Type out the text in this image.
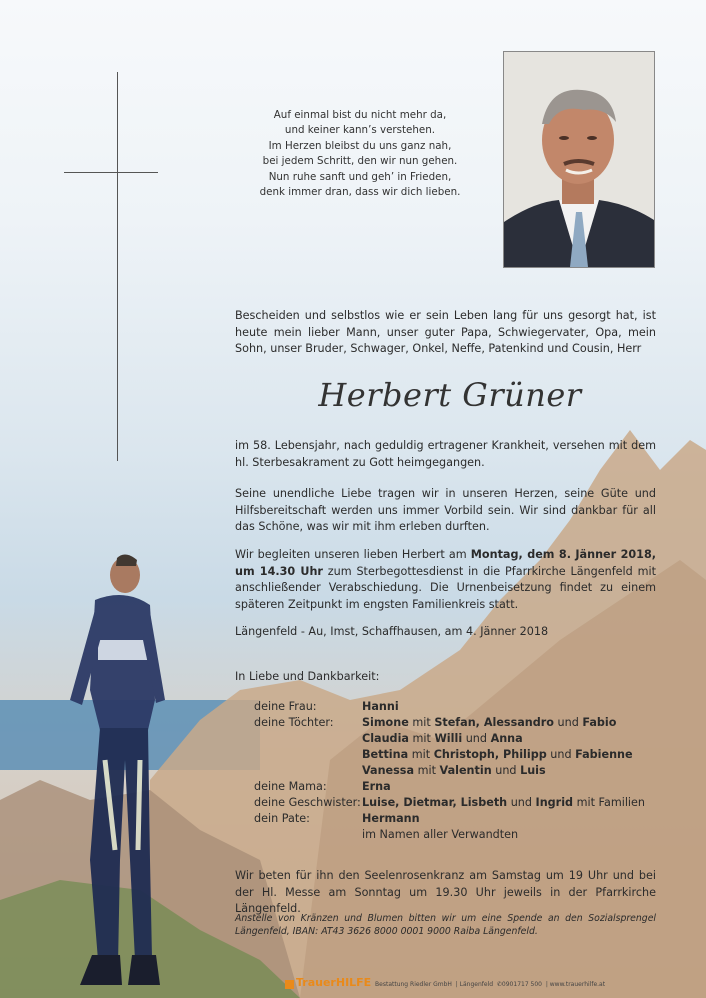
Auf einmal bist du nicht mehr da,
und keiner kann’s verstehen.
Im Herzen bleibst du uns ganz nah,
bei jedem Schritt, den wir nun gehen.
Nun ruhe sanft und geh’ in Frieden,
denk immer dran, dass wir dich lieben.
Bescheiden und selbstlos wie er sein Leben lang für uns gesorgt hat, ist heute mein lieber Mann, unser guter Papa, Schwiegervater, Opa, mein Sohn, unser Bruder, Schwager, Onkel, Neffe, Patenkind und Cousin, Herr
Herbert Grüner
im 58. Lebensjahr, nach geduldig ertragener Krankheit, versehen mit dem hl. Sterbesakrament zu Gott heimgegangen.
Seine unendliche Liebe tragen wir in unseren Herzen, seine Güte und Hilfsbereitschaft werden uns immer Vorbild sein. Wir sind dankbar für all das Schöne, was wir mit ihm erleben durften.
Wir begleiten unseren lieben Herbert am Montag, dem 8. Jänner 2018, um 14.30 Uhr zum Sterbegottesdienst in die Pfarrkirche Längenfeld mit anschließender Verabschiedung. Die Urnenbeisetzung findet zu einem späteren Zeitpunkt im engsten Familienkreis statt.
Längenfeld - Au, Imst, Schaffhausen, am 4. Jänner 2018
In Liebe und Dankbarkeit:
deine Frau:	Hanni
deine Töchter:	Simone mit Stefan, Alessandro und Fabio
Claudia mit Willi und Anna
Bettina mit Christoph, Philipp und Fabienne
Vanessa mit Valentin und Luis
deine Mama:	Erna
deine Geschwister: Luise, Dietmar, Lisbeth und Ingrid mit Familien
dein Pate:	Hermann
im Namen aller Verwandten
Wir beten für ihn den Seelenrosenkranz am Samstag um 19 Uhr und bei der Hl. Messe am Sonntag um 19.30 Uhr jeweils in der Pfarrkirche Längenfeld.
Anstelle von Kränzen und Blumen bitten wir um eine Spende an den Sozialsprengel Längenfeld, IBAN: AT43 3626 8000 0001 9000 Raiba Längenfeld.
TrauerHILFE Bestattung Riedler GmbH  | Längenfeld ✆0901717 500  | www.trauerhilfe.at
